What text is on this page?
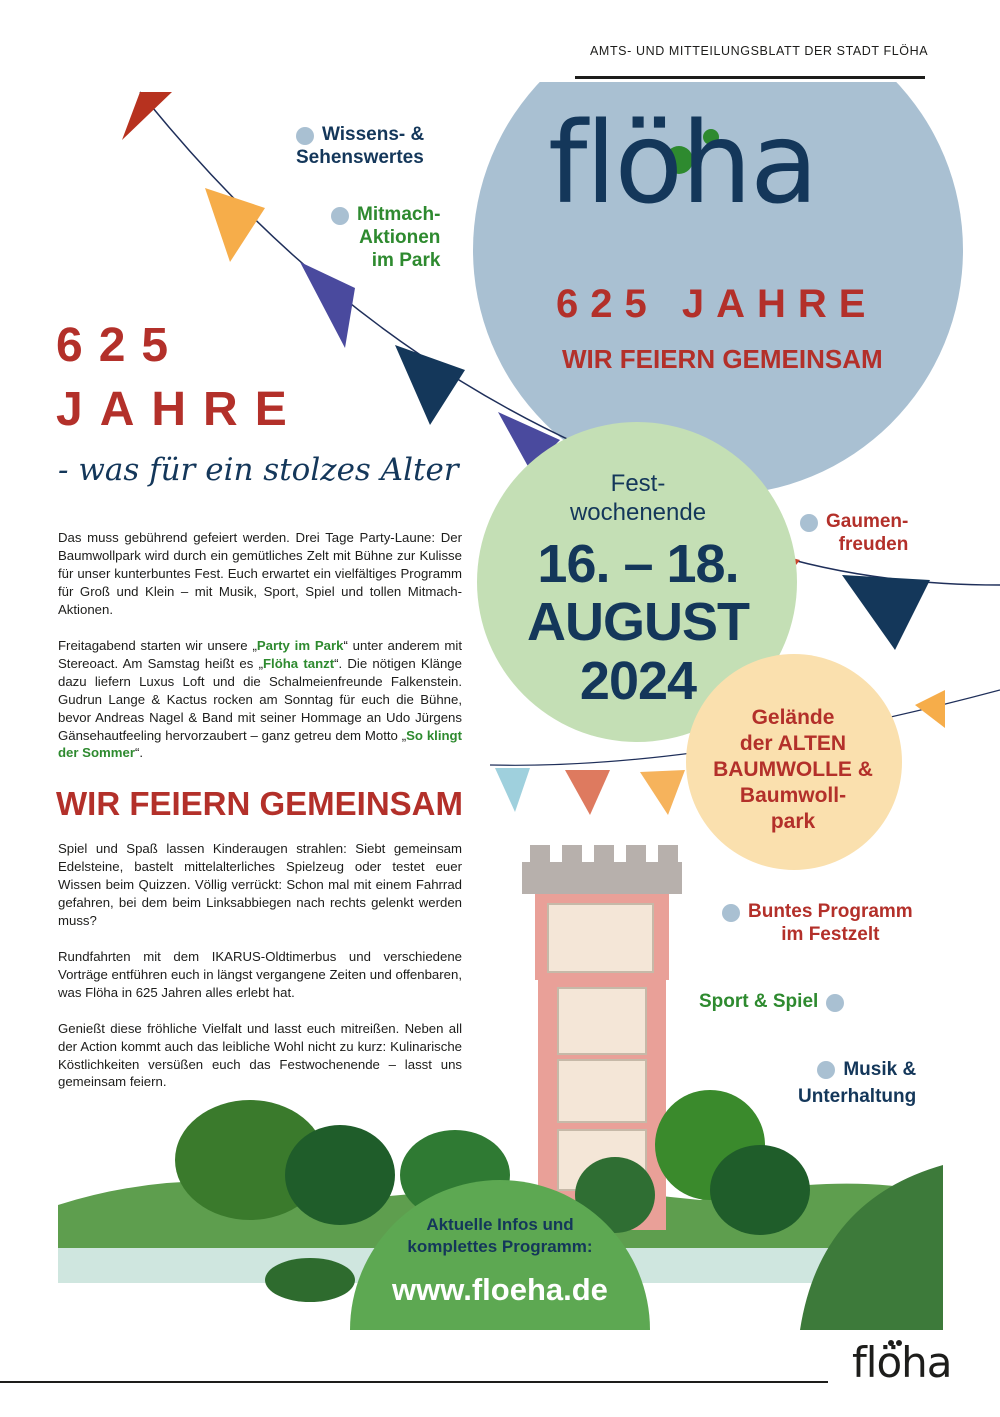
AMTS- UND MITTEILUNGSBLATT DER STADT FLÖHA
flöha
625 JAHRE
WIR FEIERN GEMEINSAM
625
JAHRE
- was für ein stolzes Alter
Wissens- &
Sehenswertes
Mitmach-
Aktionen
im Park
Gaumen-
freuden
Buntes Programm
im Festzelt
Sport & Spiel
Musik &

Unterhaltung

Das muss gebührend gefeiert werden. Drei Tage Party-Laune: Der Baumwollpark wird durch ein gemütliches Zelt mit Bühne zur Kulisse für unser kunterbuntes Fest. Euch erwartet ein vielfältiges Programm für Groß und Klein – mit Musik, Sport, Spiel und tollen Mitmach-Aktionen.

Freitagabend starten wir unsere „Party im Park“ unter anderem mit Stereoact. Am Samstag heißt es „Flöha tanzt“. Die nötigen Klänge dazu liefern Luxus Loft und die Schalmeienfreunde Falkenstein. Gudrun Lange & Kactus rocken am Sonntag für euch die Bühne, bevor Andreas Nagel & Band mit seiner Hommage an Udo Jürgens Gänsehautfeeling hervorzaubert – ganz getreu dem Motto „So klingt der Sommer“.

WIR FEIERN GEMEINSAM

Spiel und Spaß lassen Kinderaugen strahlen: Siebt gemeinsam Edelsteine, bastelt mittelalterliches Spielzeug oder testet euer Wissen beim Quizzen. Völlig verrückt: Schon mal mit einem Fahrrad gefahren, bei dem beim Linksabbiegen nach rechts gelenkt werden muss?

Rundfahrten mit dem IKARUS-Oldtimerbus und verschiedene Vorträge entführen euch in längst vergangene Zeiten und offenbaren, was Flöha in 625 Jahren alles erlebt hat.

Genießt diese fröhliche Vielfalt und lasst euch mitreißen. Neben all der Action kommt auch das leibliche Wohl nicht zu kurz: Kulinarische Köstlichkeiten versüßen euch das Festwochenende – lasst uns gemeinsam feiern.

Fest-
wochenende
16. – 18.
AUGUST
2024
Gelände
der ALTEN
BAUMWOLLE &
Baumwoll-
park
Aktuelle Infos und
komplettes Programm:
www.floeha.de
flöha
